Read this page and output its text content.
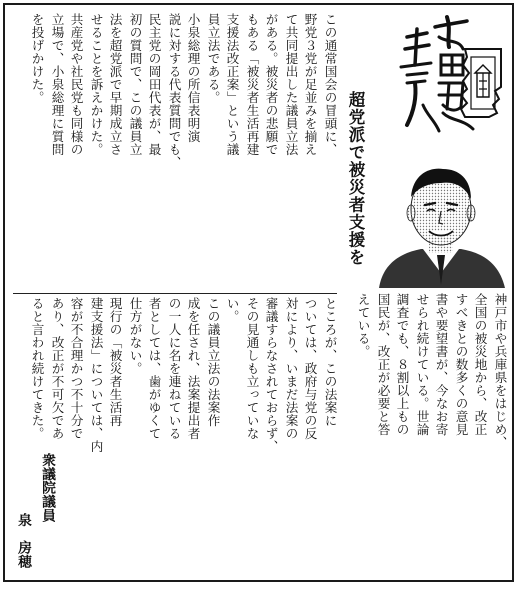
超党派で被災者支援を
衆議院議員
泉　房穂
この通常国会の冒頭に、
野党３党が足並みを揃え
て共同提出した議員立法
がある。被災者の悲願で
もある「被災者生活再建
支援法改正案」という議
員立法である。
小泉総理の所信表明演
説に対する代表質問でも、
民主党の岡田代表が、最
初の質問で、この議員立
法を超党派で早期成立さ
せることを訴えかけた。
共産党や社民党も同様の
立場で、小泉総理に質問
を投げかけた。
ところが、この法案に
ついては、政府与党の反
対により、いまだ法案の
審議すらなされておらず、
その見通しも立っていな
い。
この議員立法の法案作
成を任され、法案提出者
の一人に名を連ねている
者としては、歯がゆくて
仕方がない。
現行の「被災者生活再
建支援法」については、内
容が不合理かつ不十分で
あり、改正が不可欠であ
ると言われ続けてきた。	神戸市や兵庫県をはじめ、
全国の被災地から、改正
すべきとの数多くの意見
書や要望書が、今なお寄
せられ続けている。世論
調査でも、８割以上もの
国民が、改正が必要と答
えている。
